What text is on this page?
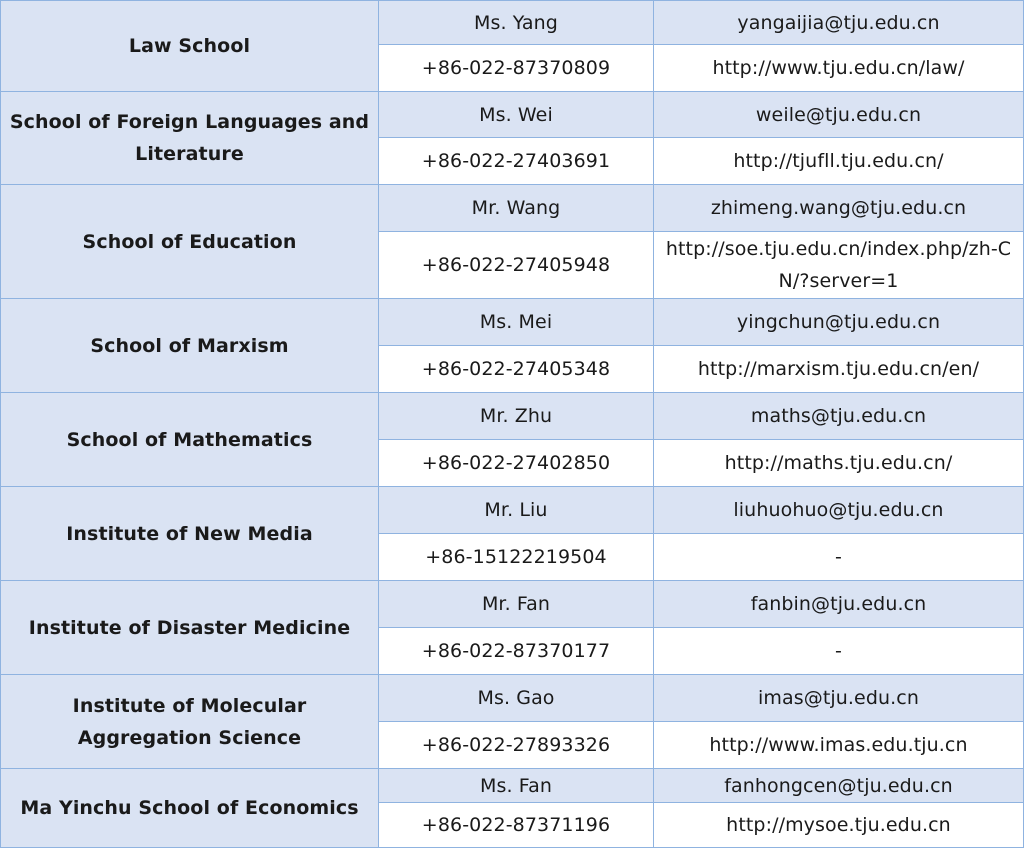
Law School	Ms. Yang	yangaijia@tju.edu.cn
	+86-022-87370809	http://www.tju.edu.cn/law/
School of Foreign Languages and Literature	Ms. Wei	weile@tju.edu.cn
	+86-022-27403691	http://tjufll.tju.edu.cn/
School of Education	Mr. Wang	zhimeng.wang@tju.edu.cn
	+86-022-27405948	http://soe.tju.edu.cn/index.php/zh-CN/?server=1
School of Marxism	Ms. Mei	yingchun@tju.edu.cn
	+86-022-27405348	http://marxism.tju.edu.cn/en/
School of Mathematics	Mr. Zhu	maths@tju.edu.cn
	+86-022-27402850	http://maths.tju.edu.cn/
Institute of New Media	Mr. Liu	liuhuohuo@tju.edu.cn
	+86-15122219504	-
Institute of Disaster Medicine	Mr. Fan	fanbin@tju.edu.cn
	+86-022-87370177	-
Institute of Molecular Aggregation Science	Ms. Gao	imas@tju.edu.cn
	+86-022-27893326	http://www.imas.edu.tju.cn
Ma Yinchu School of Economics	Ms. Fan	fanhongcen@tju.edu.cn
	+86-022-87371196	http://mysoe.tju.edu.cn
